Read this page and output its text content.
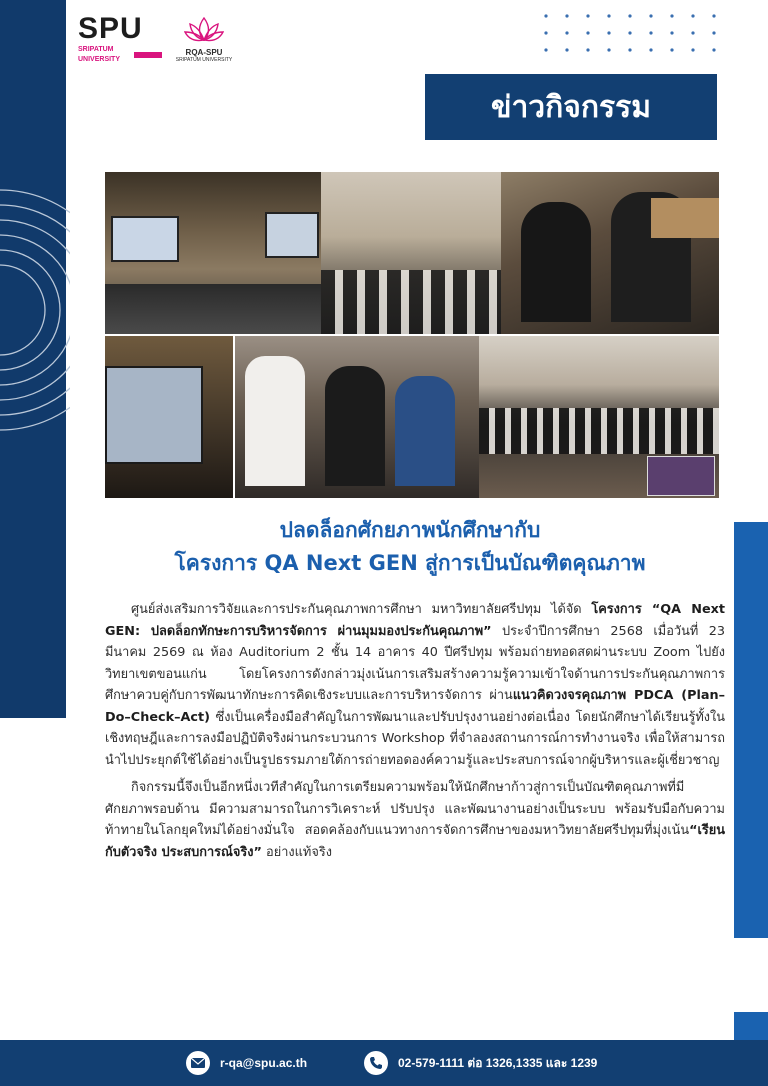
SPU
SRIPATUM
UNIVERSITY
RQA-SPU
SRIPATUM UNIVERSITY
ข่าวกิจกรรม
ปลดล็อกศักยภาพนักศึกษากับ
โครงการ QA Next GEN สู่การเป็นบัณฑิตคุณภาพ

ศูนย์ส่งเสริมการวิจัยและการประกันคุณภาพการศึกษา มหาวิทยาลัยศรีปทุม ได้จัด โครงการ “QA Next GEN: ปลดล็อกทักษะการบริหารจัดการ ผ่านมุมมองประกันคุณภาพ” ประจำปีการศึกษา 2568 เมื่อวันที่ 23 มีนาคม 2569 ณ ห้อง Auditorium 2 ชั้น 14 อาคาร 40 ปีศรีปทุม พร้อมถ่ายทอดสดผ่านระบบ Zoom ไปยังวิทยาเขตขอนแก่น โดยโครงการดังกล่าวมุ่งเน้นการเสริมสร้างความรู้ความเข้าใจด้านการประกันคุณภาพการศึกษาควบคู่กับการพัฒนาทักษะการคิดเชิงระบบและการบริหารจัดการ ผ่านแนวคิดวงจรคุณภาพ PDCA (Plan–Do–Check–Act) ซึ่งเป็นเครื่องมือสำคัญในการพัฒนาและปรับปรุงงานอย่างต่อเนื่อง โดยนักศึกษาได้เรียนรู้ทั้งในเชิงทฤษฎีและการลงมือปฏิบัติจริงผ่านกระบวนการ Workshop ที่จำลองสถานการณ์การทำงานจริง เพื่อให้สามารถนำไปประยุกต์ใช้ได้อย่างเป็นรูปธรรมภายใต้การถ่ายทอดองค์ความรู้และประสบการณ์จากผู้บริหารและผู้เชี่ยวชาญ

กิจกรรมนี้จึงเป็นอีกหนึ่งเวทีสำคัญในการเตรียมความพร้อมให้นักศึกษาก้าวสู่การเป็นบัณฑิตคุณภาพที่มีศักยภาพรอบด้าน มีความสามารถในการวิเคราะห์ ปรับปรุง และพัฒนางานอย่างเป็นระบบ พร้อมรับมือกับความท้าทายในโลกยุคใหม่ได้อย่างมั่นใจ สอดคล้องกับแนวทางการจัดการศึกษาของมหาวิทยาลัยศรีปทุมที่มุ่งเน้น“เรียนกับตัวจริง ประสบการณ์จริง” อย่างแท้จริง

r-qa@spu.ac.th	02-579-1111 ต่อ 1326,1335 และ 1239
